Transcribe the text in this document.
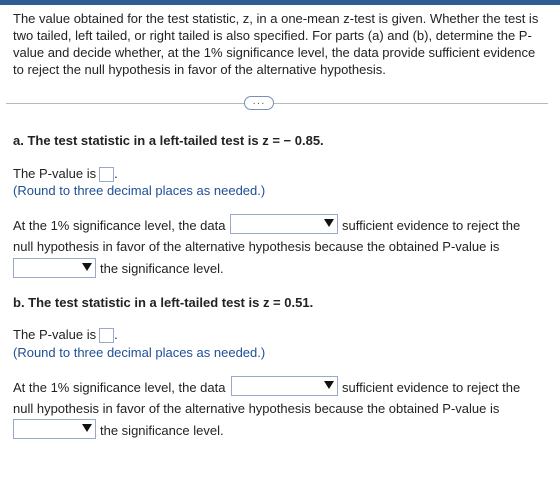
The value obtained for the test statistic, z, in a one-mean z-test is given. Whether the test is two tailed, left tailed, or right tailed is also specified. For parts (a) and (b), determine the P-value and decide whether, at the 1% significance level, the data provide sufficient evidence to reject the null hypothesis in favor of the alternative hypothesis.
···
a. The test statistic in a left-tailed test is z = − 0.85.
The P-value is .
(Round to three decimal places as needed.)
At the 1% significance level, the data	sufficient evidence to reject the
null hypothesis in favor of the alternative hypothesis because the obtained P-value is
the significance level.
b. The test statistic in a left-tailed test is z = 0.51.
The P-value is .
(Round to three decimal places as needed.)
At the 1% significance level, the data	sufficient evidence to reject the
null hypothesis in favor of the alternative hypothesis because the obtained P-value is
the significance level.
